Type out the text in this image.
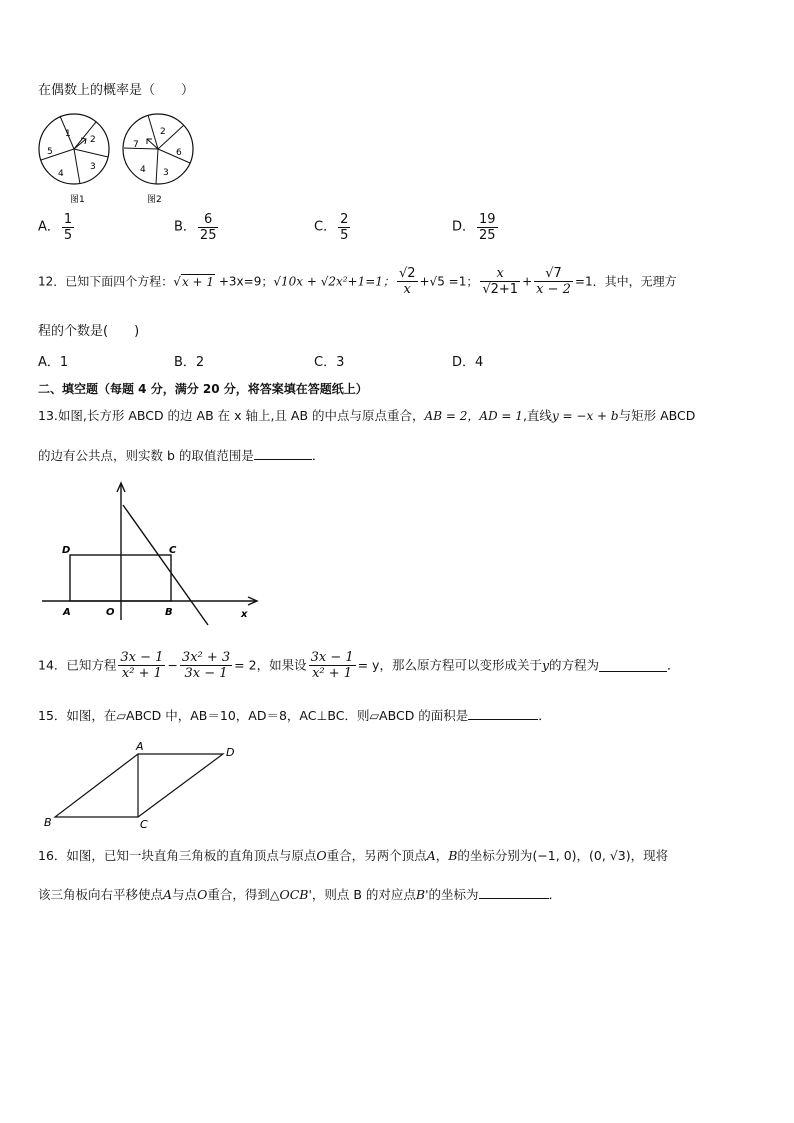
在偶数上的概率是（　　）
1
2
3
4
5
2
6
3
4
7
图1	图2
A． $\frac{1}{5}$	B． $\frac{6}{25}$	C． $\frac{2}{5}$	D． $\frac{19}{25}$
12．已知下面四个方程：√x + 1 +3x=9；√10x + √2x²+1=1； $\frac{√2}{x} +√5 =1$； $\frac{x}{√2+1} + \frac{√7}{x - 2} =1$．其中，无理方
程的个数是(　　)
A．1	B．2	C．3	D．4
二、填空题（每题 4 分，满分 20 分，将答案填在答题纸上）
13.如图,长方形 ABCD 的边 AB 在 x 轴上,且 AB 的中点与原点重合，AB = 2，AD = 1,直线y = −x + b与矩形 ABCD
的边有公共点，则实数 b 的取值范围是	．
D	C
A	O	B	x
14．已知方程 $\frac{3x - 1}{\text{x² + 1}} - \frac{\text{3x² + 3}}{3x - 1} = 2$，如果设 $\frac{3x - 1}{\text{x² + 1}} = y$，那么原方程可以变形成关于y的方程为	．
15．如图，在▱ABCD 中，AB＝10，AD＝8，AC⊥BC．则▱ABCD 的面积是	．
A	D
B	C
16．如图，已知一块直角三角板的直角顶点与原点O重合，另两个顶点A，B的坐标分别为(−1, 0)，(0, √3)，现将
该三角板向右平移使点A与点O重合，得到△OCB'，则点 B 的对应点B'的坐标为	．
